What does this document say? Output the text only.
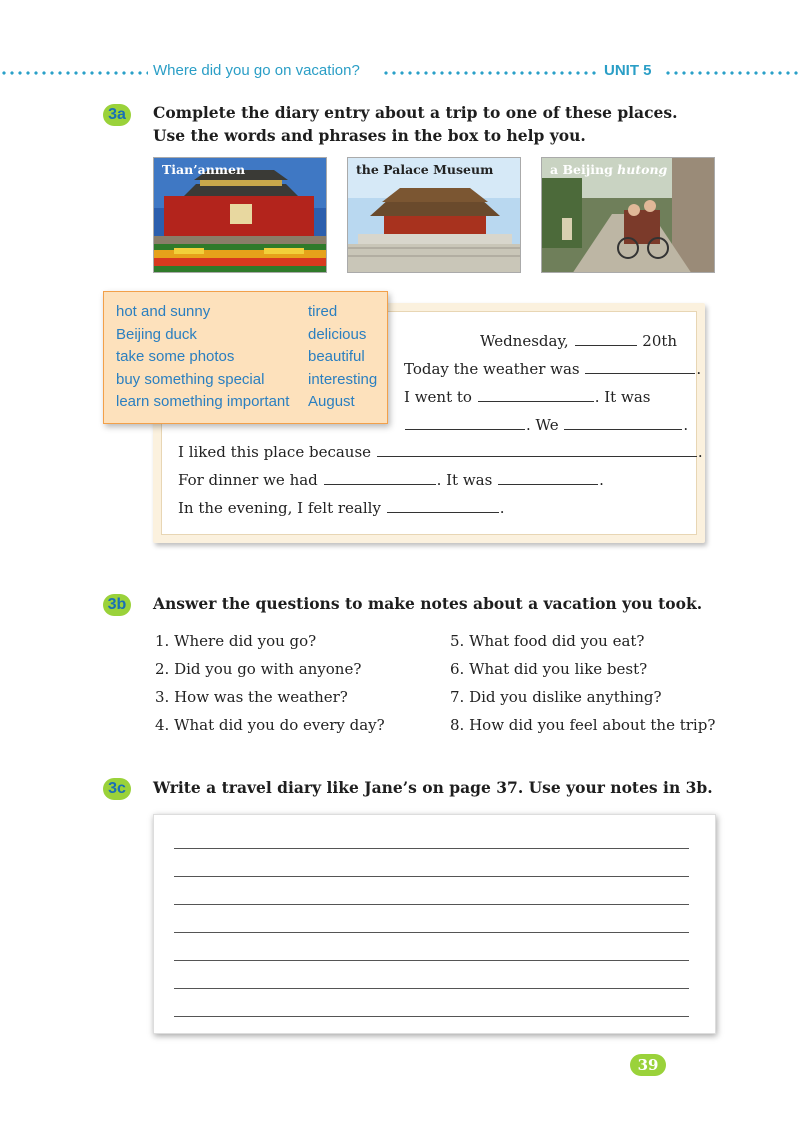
Where did you go on vacation?	UNIT 5
3a	Complete the diary entry about a trip to one of these places.
Use the words and phrases in the box to help you.
Tian’anmen	the Palace Museum	a Beijing hutong
Wednesday,	20th
Today the weather was	.
I went to	. It was
. We	.
I liked this place because	.
For dinner we had	. It was	.
In the evening, I felt really	.
hot and sunny
Beijing duck
take some photos
buy something special
learn something important
tired
delicious
beautiful
interesting
August
3b	Answer the questions to make notes about a vacation you took.
1. Where did you go?
2. Did you go with anyone?
3. How was the weather?
4. What did you do every day?
5. What food did you eat?
6. What did you like best?
7. Did you dislike anything?
8. How did you feel about the trip?
3c	Write a travel diary like Jane’s on page 37. Use your notes in 3b.
39
